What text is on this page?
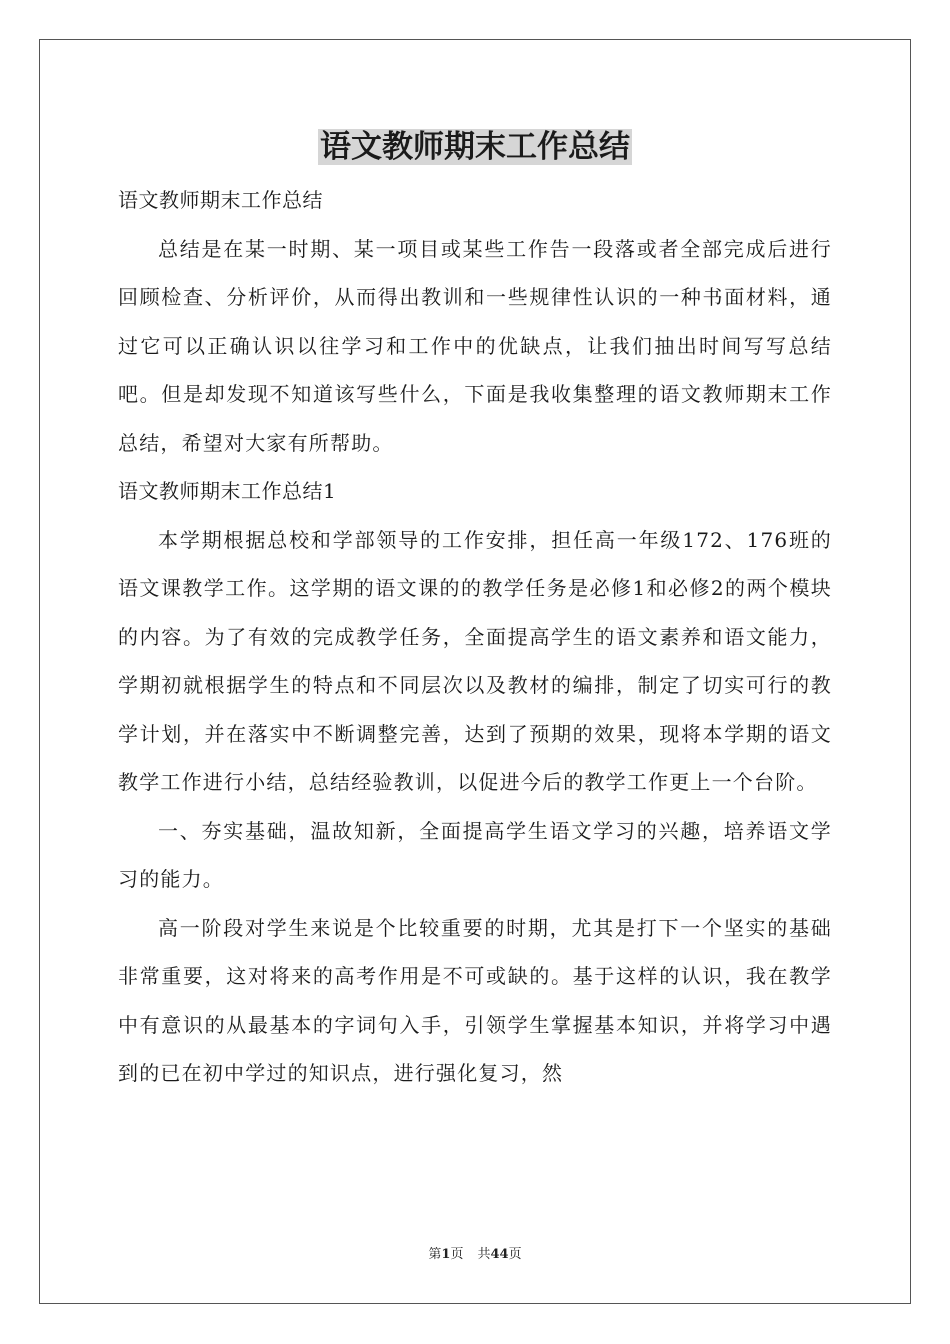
语文教师期末工作总结

语文教师期末工作总结

总结是在某一时期、某一项目或某些工作告一段落或者全部完成后进行回顾检查、分析评价，从而得出教训和一些规律性认识的一种书面材料，通过它可以正确认识以往学习和工作中的优缺点，让我们抽出时间写写总结吧。但是却发现不知道该写些什么，下面是我收集整理的语文教师期末工作总结，希望对大家有所帮助。

语文教师期末工作总结1

本学期根据总校和学部领导的工作安排，担任高一年级172、176班的语文课教学工作。这学期的语文课的的教学任务是必修1和必修2的两个模块的内容。为了有效的完成教学任务，全面提高学生的语文素养和语文能力，学期初就根据学生的特点和不同层次以及教材的编排，制定了切实可行的教学计划，并在落实中不断调整完善，达到了预期的效果，现将本学期的语文教学工作进行小结，总结经验教训，以促进今后的教学工作更上一个台阶。

一、夯实基础，温故知新，全面提高学生语文学习的兴趣，培养语文学习的能力。

高一阶段对学生来说是个比较重要的时期，尤其是打下一个坚实的基础非常重要，这对将来的高考作用是不可或缺的。基于这样的认识，我在教学中有意识的从最基本的字词句入手，引领学生掌握基本知识，并将学习中遇到的已在初中学过的知识点，进行强化复习，然

第1页 共44页
